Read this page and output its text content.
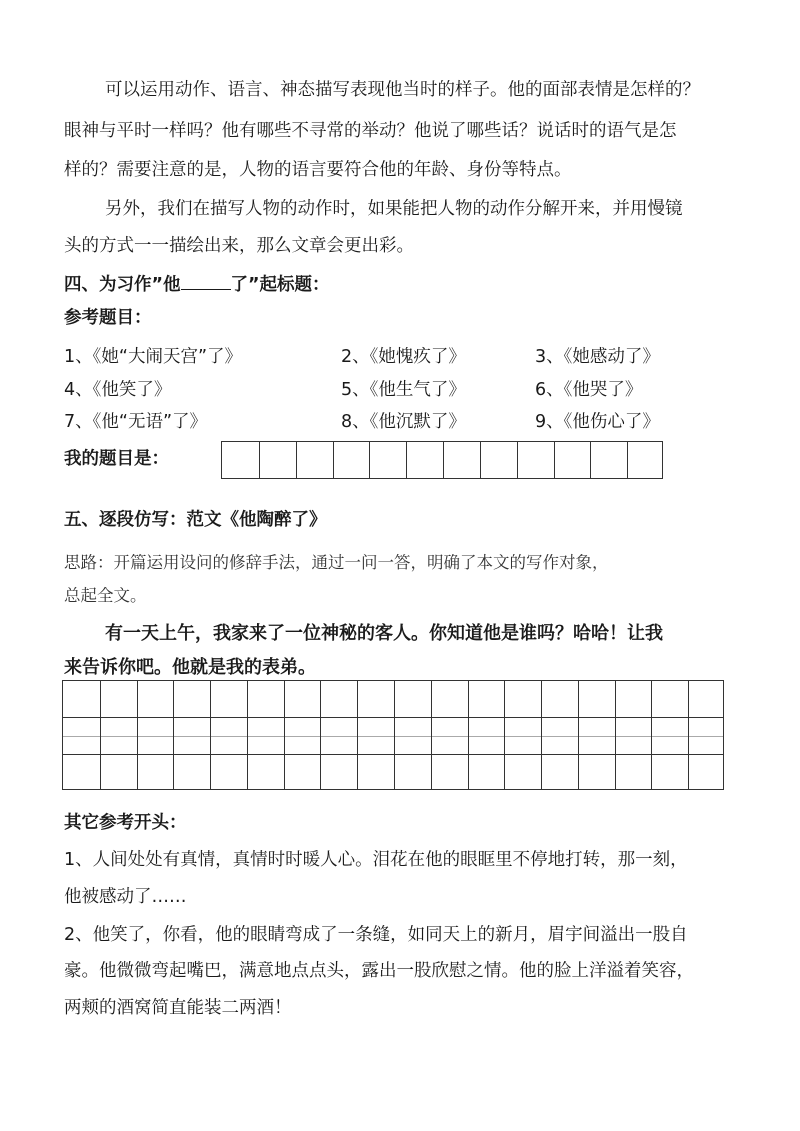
可以运用动作、语言、神态描写表现他当时的样子。他的面部表情是怎样的？
眼神与平时一样吗？他有哪些不寻常的举动？他说了哪些话？说话时的语气是怎
样的？需要注意的是，人物的语言要符合他的年龄、身份等特点。
另外，我们在描写人物的动作时，如果能把人物的动作分解开来，并用慢镜
头的方式一一描绘出来，那么文章会更出彩。
四、为习作”他	了”起标题：
参考题目：
1、《她“大闹天宫”了》	2、《她愧疚了》	3、《她感动了》
4、《他笑了》	5、《他生气了》	6、《他哭了》
7、《他“无语”了》	8、《他沉默了》	9、《他伤心了》
我的题目是：
五、逐段仿写：范文《他陶醉了》
思路：开篇运用设问的修辞手法，通过一问一答，明确了本文的写作对象，
总起全文。
有一天上午，我家来了一位神秘的客人。你知道他是谁吗？哈哈！让我
来告诉你吧。他就是我的表弟。
其它参考开头：
1、人间处处有真情，真情时时暖人心。泪花在他的眼眶里不停地打转，那一刻，
他被感动了……
2、他笑了，你看，他的眼睛弯成了一条缝，如同天上的新月，眉宇间溢出一股自
豪。他微微弯起嘴巴，满意地点点头，露出一股欣慰之情。他的脸上洋溢着笑容，
两颊的酒窝简直能装二两酒！
